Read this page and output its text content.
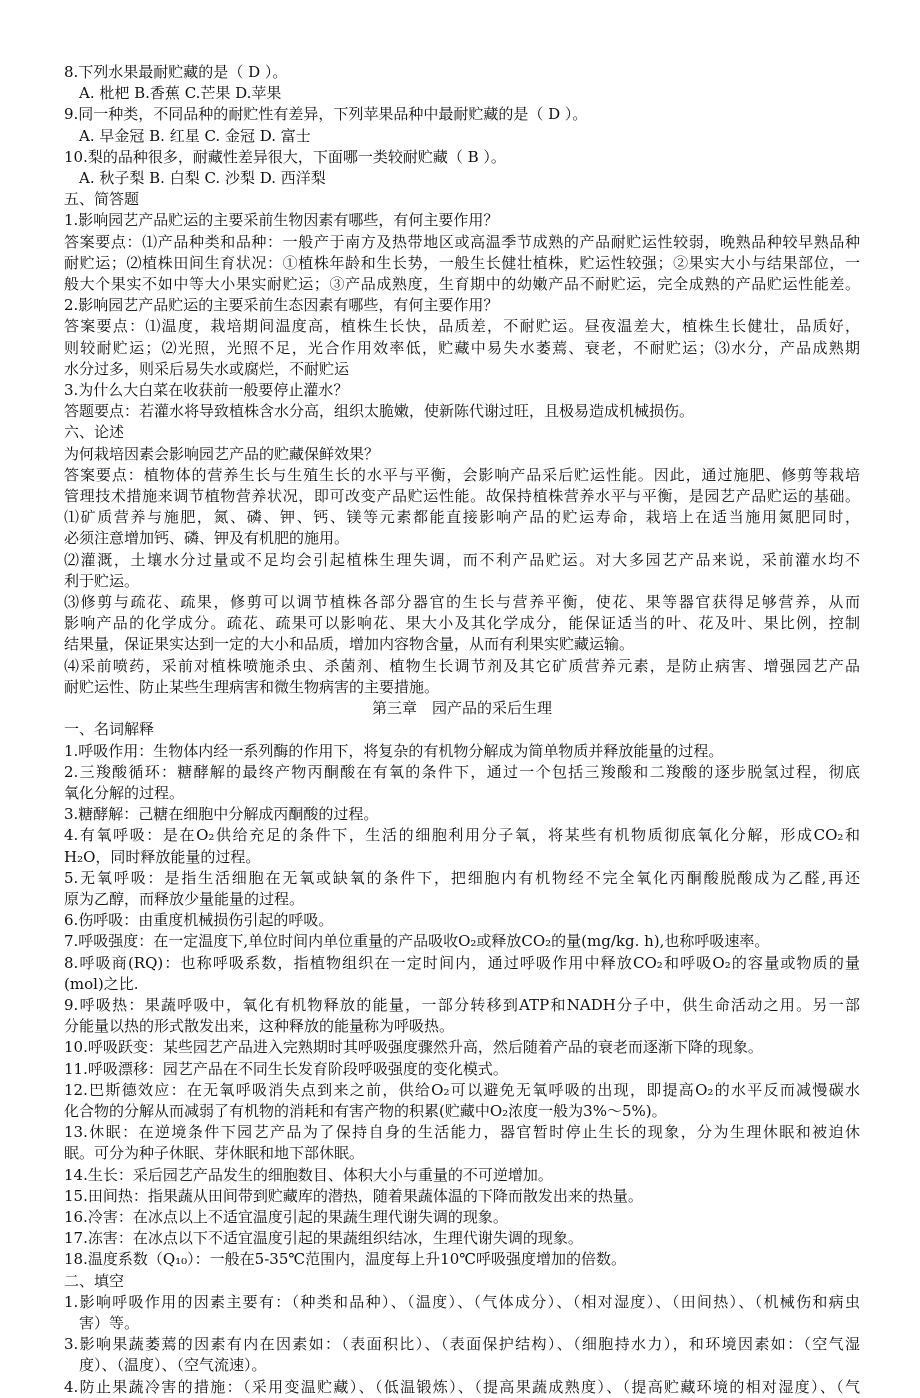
8.下列水果最耐贮藏的是（ D ）。
A. 枇杷 B.香蕉 C.芒果 D.苹果
9.同一种类，不同品种的耐贮性有差异，下列苹果品种中最耐贮藏的是（ D ）。
A. 早金冠 B. 红星 C. 金冠 D. 富士
10.梨的品种很多，耐藏性差异很大，下面哪一类较耐贮藏（ B ）。
A. 秋子梨 B. 白梨 C. 沙梨 D. 西洋梨
五、简答题
1.影响园艺产品贮运的主要采前生物因素有哪些，有何主要作用？
答案要点：⑴产品种类和品种：一般产于南方及热带地区或高温季节成熟的产品耐贮运性较弱，晚熟品种较早熟品种
耐贮运；⑵植株田间生育状况：①植株年龄和生长势，一般生长健壮植株，贮运性较强；②果实大小与结果部位，一
般大个果实不如中等大小果实耐贮运；③产品成熟度，生育期中的幼嫩产品不耐贮运，完全成熟的产品贮运性能差。
2.影响园艺产品贮运的主要采前生态因素有哪些，有何主要作用？
答案要点：⑴温度，栽培期间温度高，植株生长快，品质差，不耐贮运。昼夜温差大，植株生长健壮，品质好，
则较耐贮运；⑵光照，光照不足，光合作用效率低，贮藏中易失水萎蔫、衰老，不耐贮运；⑶水分，产品成熟期
水分过多，则采后易失水或腐烂，不耐贮运
3.为什么大白菜在收获前一般要停止灌水？
答题要点：若灌水将导致植株含水分高，组织太脆嫩，使新陈代谢过旺，且极易造成机械损伤。
六、论述
为何栽培因素会影响园艺产品的贮藏保鲜效果？
答案要点：植物体的营养生长与生殖生长的水平与平衡，会影响产品采后贮运性能。因此，通过施肥、修剪等栽培
管理技术措施来调节植物营养状况，即可改变产品贮运性能。故保持植株营养水平与平衡，是园艺产品贮运的基础。
⑴矿质营养与施肥，氮、磷、钾、钙、镁等元素都能直接影响产品的贮运寿命，栽培上在适当施用氮肥同时，
必须注意增加钙、磷、钾及有机肥的施用。
⑵灌溉，土壤水分过量或不足均会引起植株生理失调，而不利产品贮运。对大多园艺产品来说，采前灌水均不
利于贮运。
⑶修剪与疏花、疏果，修剪可以调节植株各部分器官的生长与营养平衡，使花、果等器官获得足够营养，从而
影响产品的化学成分。疏花、疏果可以影响花、果大小及其化学成分，能保证适当的叶、花及叶、果比例，控制
结果量，保证果实达到一定的大小和品质，增加内容物含量，从而有利果实贮藏运输。
⑷采前喷药，采前对植株喷施杀虫、杀菌剂、植物生长调节剂及其它矿质营养元素，是防止病害、增强园艺产品
耐贮运性、防止某些生理病害和微生物病害的主要措施。
第三章　园产品的采后生理
一、名词解释
1.呼吸作用：生物体内经一系列酶的作用下，将复杂的有机物分解成为简单物质并释放能量的过程。
2.三羧酸循环：糖酵解的最终产物丙酮酸在有氧的条件下，通过一个包括三羧酸和二羧酸的逐步脱氢过程，彻底
氧化分解的过程。
3.糖酵解：己糖在细胞中分解成丙酮酸的过程。
4.有氧呼吸：是在O₂供给充足的条件下，生活的细胞利用分子氧，将某些有机物质彻底氧化分解，形成CO₂和
H₂O，同时释放能量的过程。
5.无氧呼吸：是指生活细胞在无氧或缺氧的条件下，把细胞内有机物经不完全氧化丙酮酸脱酸成为乙醛,再还
原为乙醇，而释放少量能量的过程。
6.伤呼吸：由重度机械损伤引起的呼吸。
7.呼吸强度：在一定温度下,单位时间内单位重量的产品吸收O₂或释放CO₂的量(mg/kg. h),也称呼吸速率。
8.呼吸商(RQ)：也称呼吸系数，指植物组织在一定时间内，通过呼吸作用中释放CO₂和呼吸O₂的容量或物质的量
(mol)之比.
9.呼吸热：果蔬呼吸中，氧化有机物释放的能量，一部分转移到ATP和NADH分子中，供生命活动之用。另一部
分能量以热的形式散发出来，这种释放的能量称为呼吸热。
10.呼吸跃变：某些园艺产品进入完熟期时其呼吸强度骤然升高，然后随着产品的衰老而逐渐下降的现象。
11.呼吸漂移：园艺产品在不同生长发育阶段呼吸强度的变化模式。
12.巴斯德效应：在无氧呼吸消失点到来之前，供给O₂可以避免无氧呼吸的出现，即提高O₂的水平反而减慢碳水
化合物的分解从而减弱了有机物的消耗和有害产物的积累(贮藏中O₂浓度一般为3%～5%)。
13.休眠：在逆境条件下园艺产品为了保持自身的生活能力，器官暂时停止生长的现象，分为生理休眠和被迫休
眠。可分为种子休眠、芽休眠和地下部休眠。
14.生长：采后园艺产品发生的细胞数目、体积大小与重量的不可逆增加。
15.田间热：指果蔬从田间带到贮藏库的潜热，随着果蔬体温的下降而散发出来的热量。
16.冷害：在冰点以上不适宜温度引起的果蔬生理代谢失调的现象。
17.冻害：在冰点以下不适宜温度引起的果蔬组织结冰，生理代谢失调的现象。
18.温度系数（Q₁₀）：一般在5-35℃范围内，温度每上升10℃呼吸强度增加的倍数。
二、填空
1.影响呼吸作用的因素主要有：（种类和品种）、（温度）、（气体成分）、（相对湿度）、（田间热）、（机械伤和病虫
害）等。
3.影响果蔬萎蔫的因素有内在因素如：（表面积比）、（表面保护结构）、（细胞持水力），和环境因素如：（空气湿
度）、（温度）、（空气流速）。
4.防止果蔬冷害的措施：（采用变温贮藏）、（低温锻炼）、（提高果蔬成熟度）、（提高贮藏环境的相对湿度）、（气
